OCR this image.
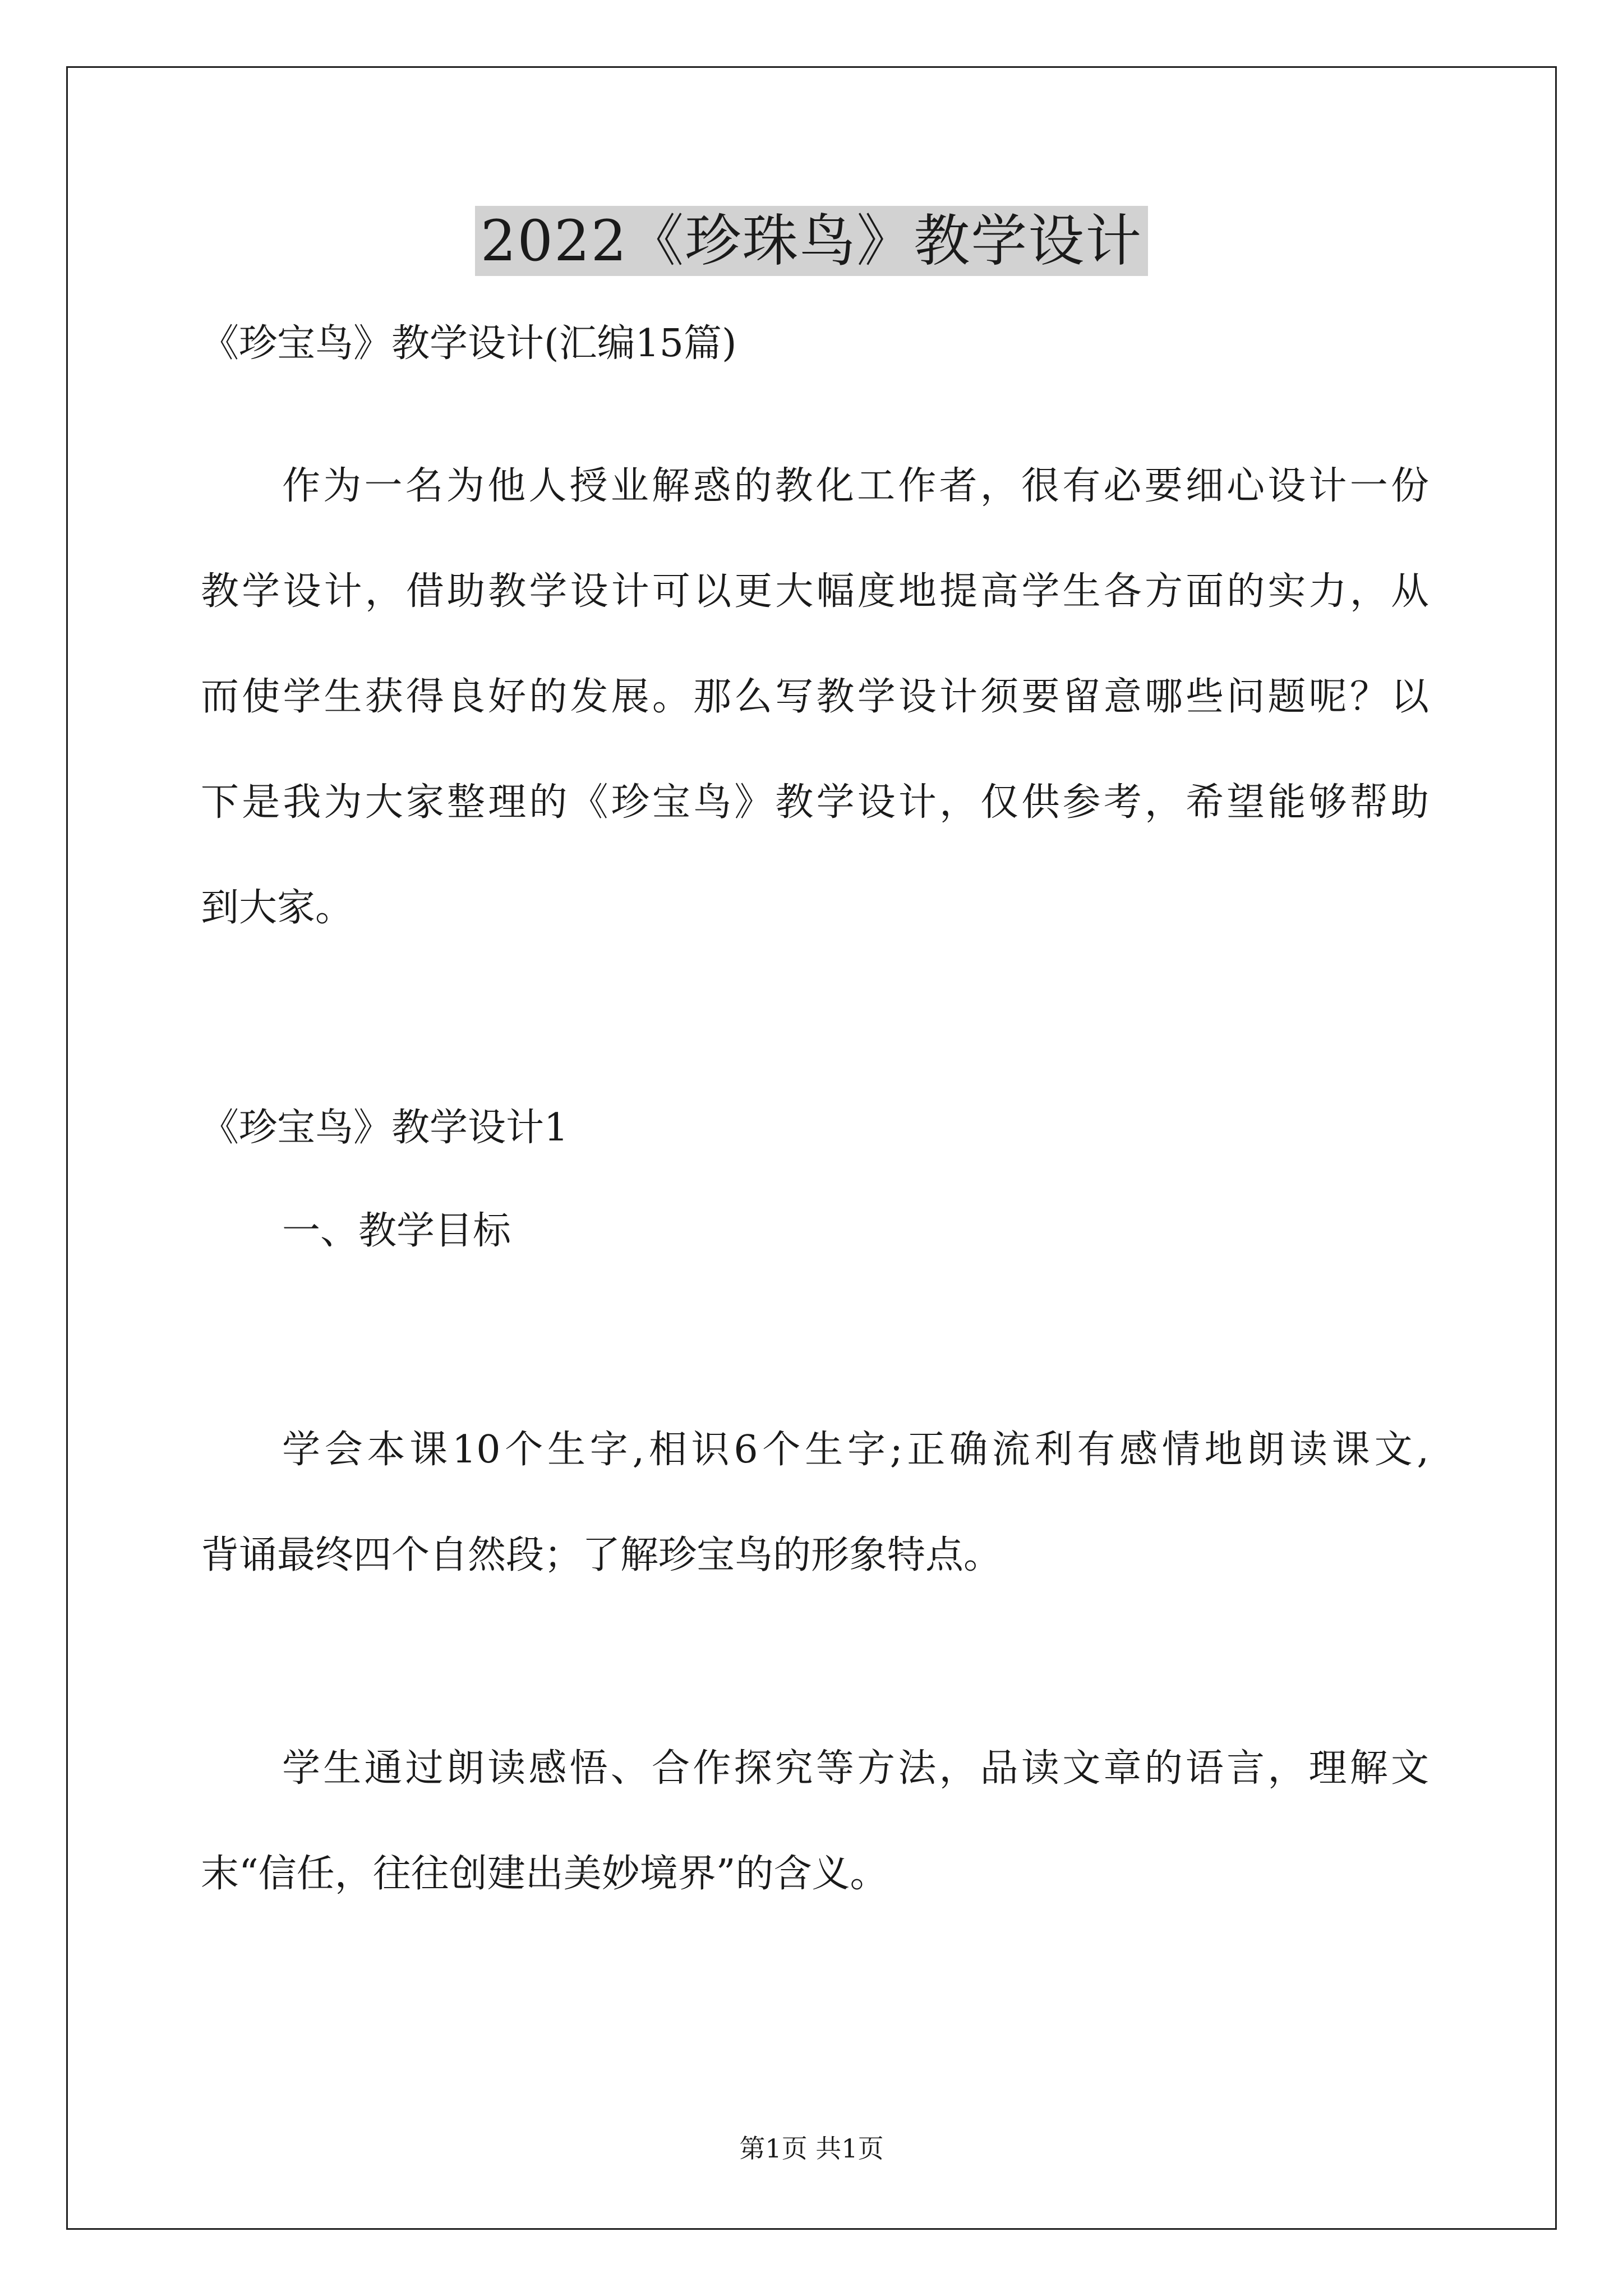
2022《珍珠鸟》教学设计
《珍宝鸟》教学设计(汇编15篇)
作为一名为他人授业解惑的教化工作者，很有必要细心设计一份
教学设计，借助教学设计可以更大幅度地提高学生各方面的实力，从
而使学生获得良好的发展。那么写教学设计须要留意哪些问题呢？以
下是我为大家整理的《珍宝鸟》教学设计，仅供参考，希望能够帮助
到大家。
《珍宝鸟》教学设计1
一、教学目标
学会本课10个生字,相识6个生字;正确流利有感情地朗读课文,
背诵最终四个自然段；了解珍宝鸟的形象特点。
学生通过朗读感悟、合作探究等方法，品读文章的语言，理解文
末“信任，往往创建出美妙境界”的含义。
第1页 共1页
